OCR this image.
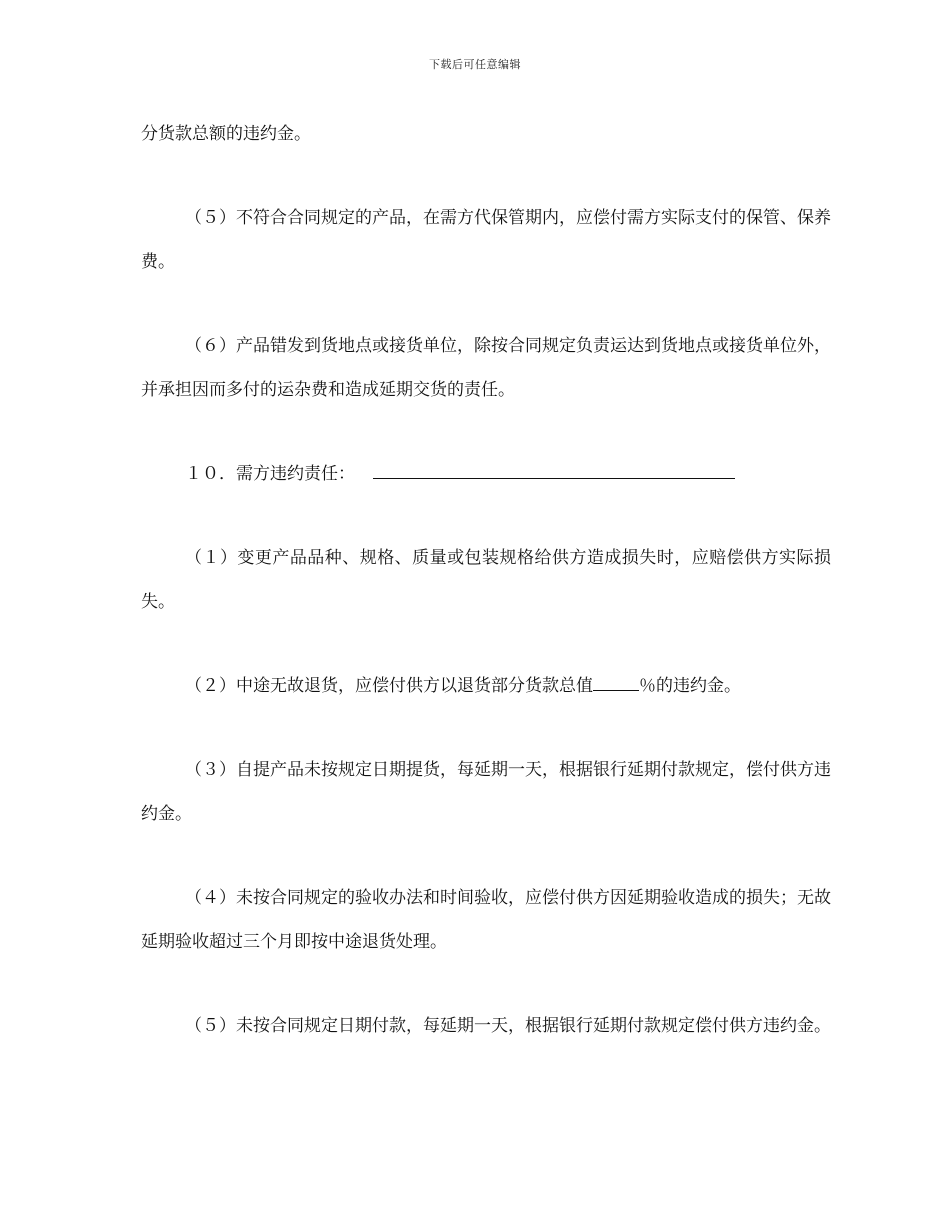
下载后可任意编辑

分货款总额的违约金。

（５）不符合合同规定的产品，在需方代保管期内，应偿付需方实际支付的保管、保养费。

（６）产品错发到货地点或接货单位，除按合同规定负责运达到货地点或接货单位外，并承担因而多付的运杂费和造成延期交货的责任。

１０．需方违约责任：

（１）变更产品品种、规格、质量或包装规格给供方造成损失时，应赔偿供方实际损失。

（２）中途无故退货，应偿付供方以退货部分货款总值	％的违约金。

（３）自提产品未按规定日期提货，每延期一天，根据银行延期付款规定，偿付供方违约金。

（４）未按合同规定的验收办法和时间验收，应偿付供方因延期验收造成的损失；无故延期验收超过三个月即按中途退货处理。

（５）未按合同规定日期付款，每延期一天，根据银行延期付款规定偿付供方违约金。
